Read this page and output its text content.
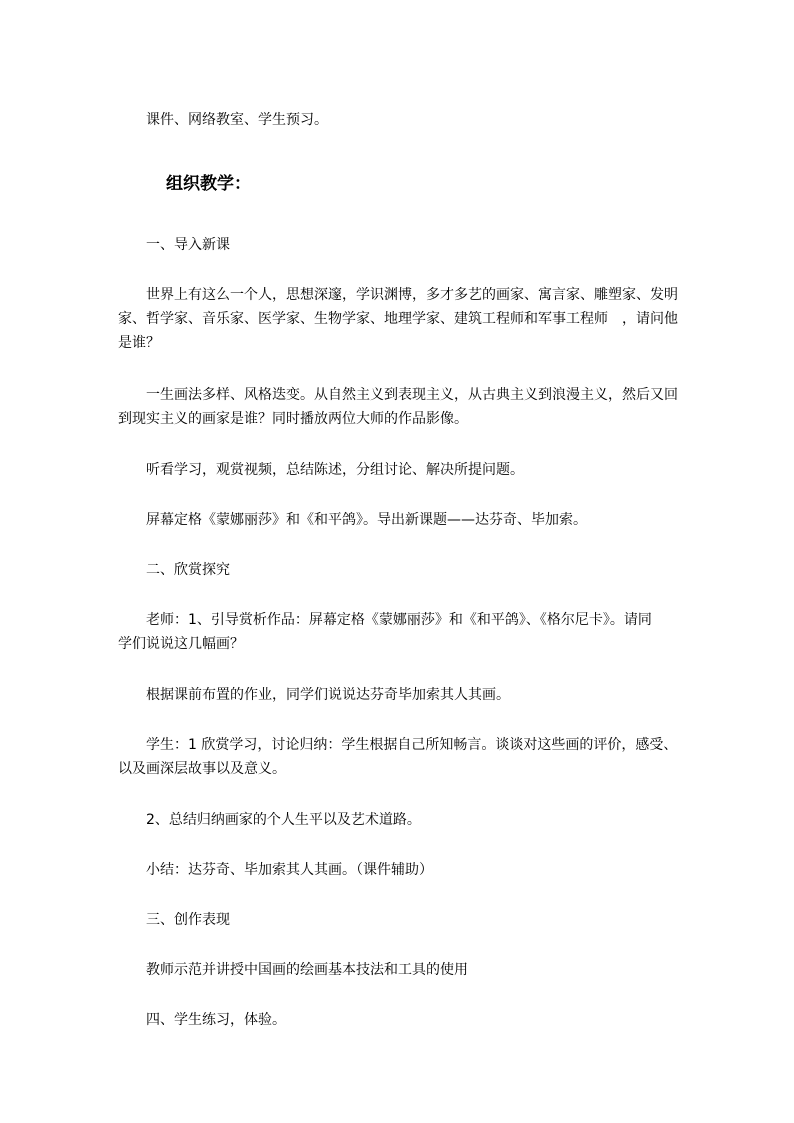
课件、网络教室、学生预习。

组织教学：

一、导入新课

世界上有这么一个人，思想深邃，学识渊博，多才多艺的画家、寓言家、雕塑家、发明
家、哲学家、音乐家、医学家、生物学家、地理学家、建筑工程师和军事工程师　，请问他
是谁？

一生画法多样、风格迭变。从自然主义到表现主义，从古典主义到浪漫主义，然后又回
到现实主义的画家是谁？同时播放两位大师的作品影像。

听看学习，观赏视频，总结陈述，分组讨论、解决所提问题。

屏幕定格《蒙娜丽莎》和《和平鸽》。导出新课题——达芬奇、毕加索。

二、欣赏探究

老师：1、引导赏析作品：屏幕定格《蒙娜丽莎》和《和平鸽》、《格尔尼卡》。请同
学们说说这几幅画？

根据课前布置的作业，同学们说说达芬奇毕加索其人其画。

学生：1 欣赏学习，讨论归纳：学生根据自己所知畅言。谈谈对这些画的评价，感受、
以及画深层故事以及意义。

2、总结归纳画家的个人生平以及艺术道路。

小结：达芬奇、毕加索其人其画。（课件辅助）

三、创作表现

教师示范并讲授中国画的绘画基本技法和工具的使用

四、学生练习，体验。
